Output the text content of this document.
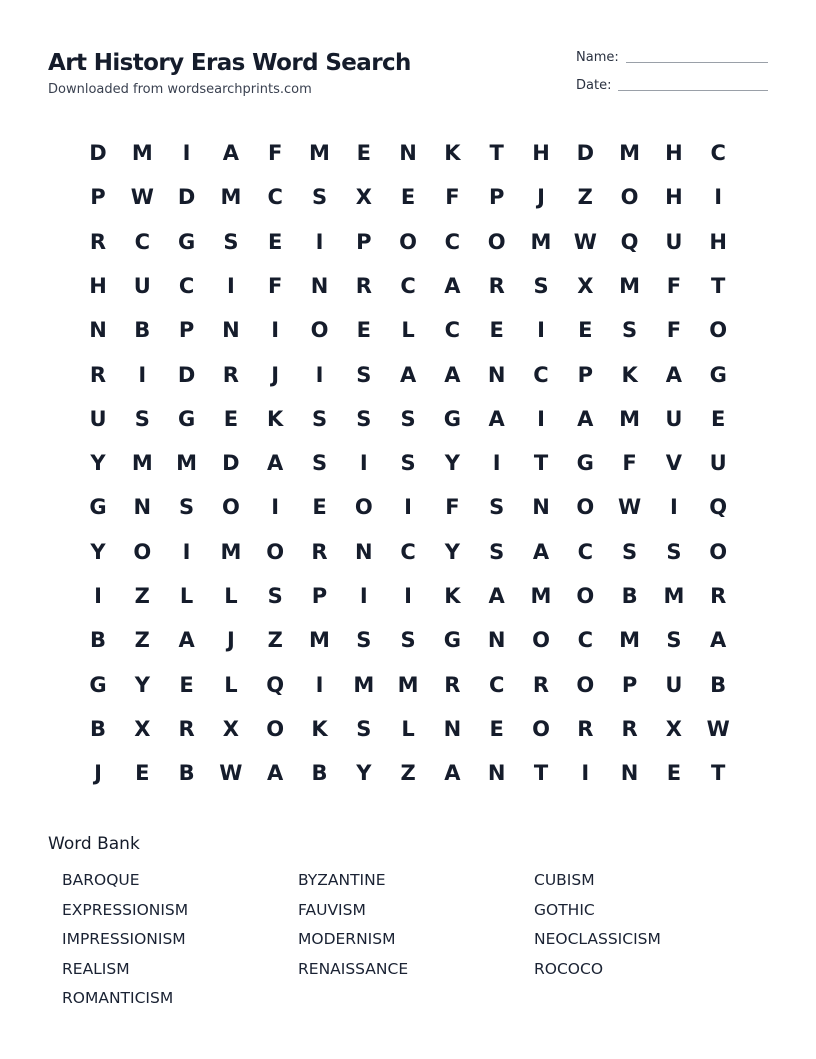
Art History Eras Word Search
Downloaded from wordsearchprints.com
Name:
Date:
D	M	I	A	F	M	E	N	K	T	H	D	M	H	C
P	W	D	M	C	S	X	E	F	P	J	Z	O	H	I
R	C	G	S	E	I	P	O	C	O	M	W	Q	U	H
H	U	C	I	F	N	R	C	A	R	S	X	M	F	T
N	B	P	N	I	O	E	L	C	E	I	E	S	F	O
R	I	D	R	J	I	S	A	A	N	C	P	K	A	G
U	S	G	E	K	S	S	S	G	A	I	A	M	U	E
Y	M	M	D	A	S	I	S	Y	I	T	G	F	V	U
G	N	S	O	I	E	O	I	F	S	N	O	W	I	Q
Y	O	I	M	O	R	N	C	Y	S	A	C	S	S	O
I	Z	L	L	S	P	I	I	K	A	M	O	B	M	R
B	Z	A	J	Z	M	S	S	G	N	O	C	M	S	A
G	Y	E	L	Q	I	M	M	R	C	R	O	P	U	B
B	X	R	X	O	K	S	L	N	E	O	R	R	X	W
J	E	B	W	A	B	Y	Z	A	N	T	I	N	E	T
Word Bank
BAROQUE	BYZANTINE	CUBISM
EXPRESSIONISM	FAUVISM	GOTHIC
IMPRESSIONISM	MODERNISM	NEOCLASSICISM
REALISM	RENAISSANCE	ROCOCO
ROMANTICISM
